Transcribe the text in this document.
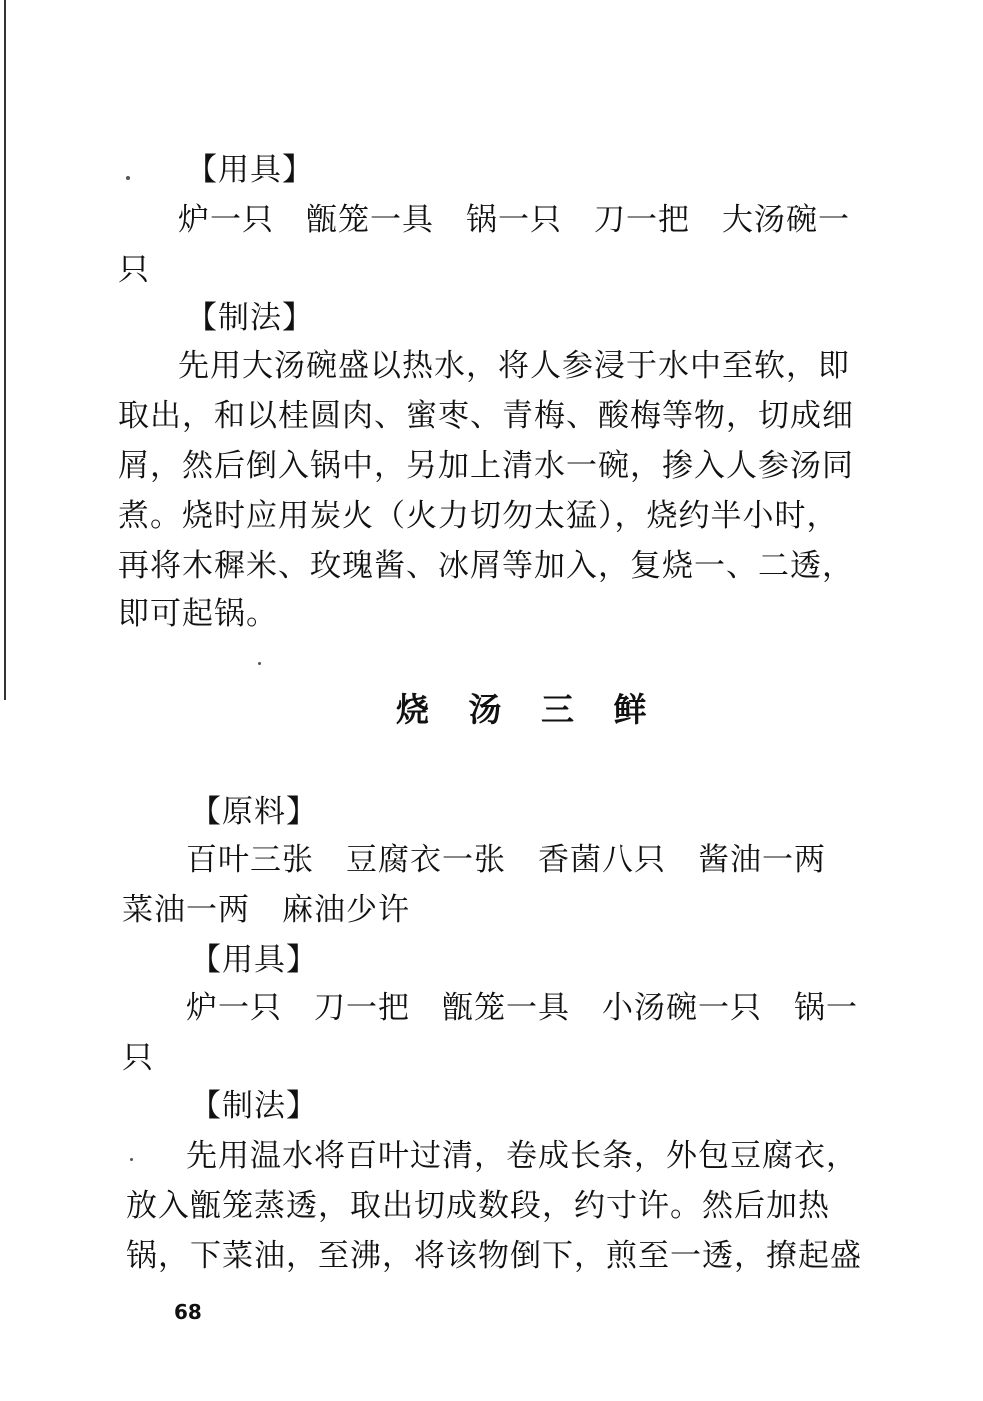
【用具】
炉一只　甑笼一具　锅一只　刀一把　大汤碗一
只
【制法】
先用大汤碗盛以热水，将人参浸于水中至软，即
取出，和以桂圆肉、蜜枣、青梅、酸梅等物，切成细
屑，然后倒入锅中，另加上清水一碗，掺入人参汤同
煮。烧时应用炭火（火力切勿太猛），烧约半小时，
再将木穉米、玫瑰酱、冰屑等加入，复烧一、二透，
即可起锅。
烧 汤 三 鲜
【原料】
百叶三张　豆腐衣一张　香菌八只　酱油一两
菜油一两　麻油少许
【用具】
炉一只　刀一把　甑笼一具　小汤碗一只　锅一
只
【制法】
先用温水将百叶过清，卷成长条，外包豆腐衣，
放入甑笼蒸透，取出切成数段，约寸许。然后加热
锅，下菜油，至沸，将该物倒下，煎至一透，撩起盛
68
